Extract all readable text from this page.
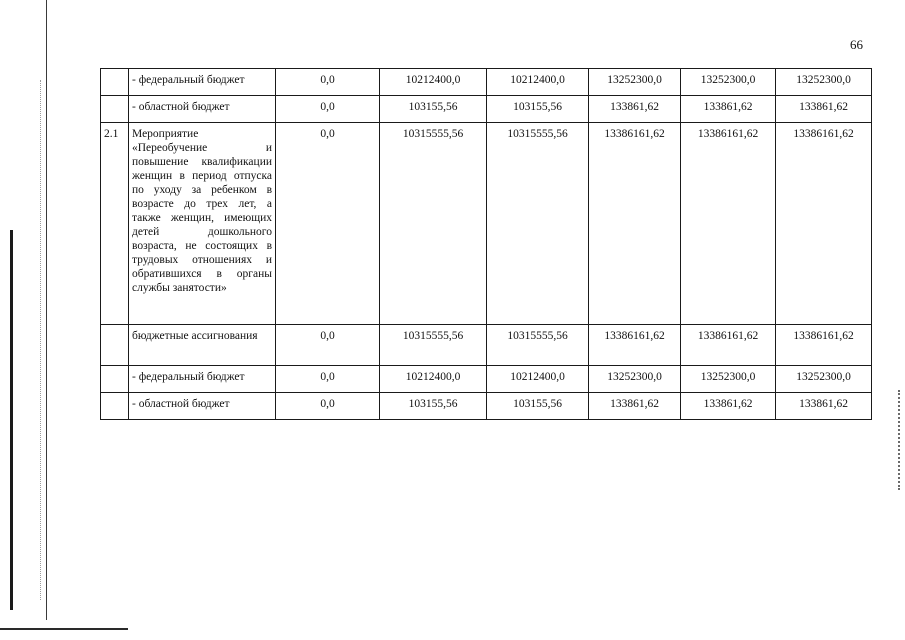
66
	- федеральный бюджет	0,0	10212400,0	10212400,0	13252300,0	13252300,0	13252300,0
	- областной бюджет	0,0	103155,56	103155,56	133861,62	133861,62	133861,62
2.1	Мероприятие «Переобучение и повышение квалификации женщин в период отпуска по уходу за ребенком в возрасте до трех лет, а также женщин, имеющих детей дошкольного возраста, не состоящих в трудовых отношениях и обратившихся в органы службы занятости»	0,0	10315555,56	10315555,56	13386161,62	13386161,62	13386161,62
	бюджетные ассигнования	0,0	10315555,56	10315555,56	13386161,62	13386161,62	13386161,62
	- федеральный бюджет	0,0	10212400,0	10212400,0	13252300,0	13252300,0	13252300,0
	- областной бюджет	0,0	103155,56	103155,56	133861,62	133861,62	133861,62
